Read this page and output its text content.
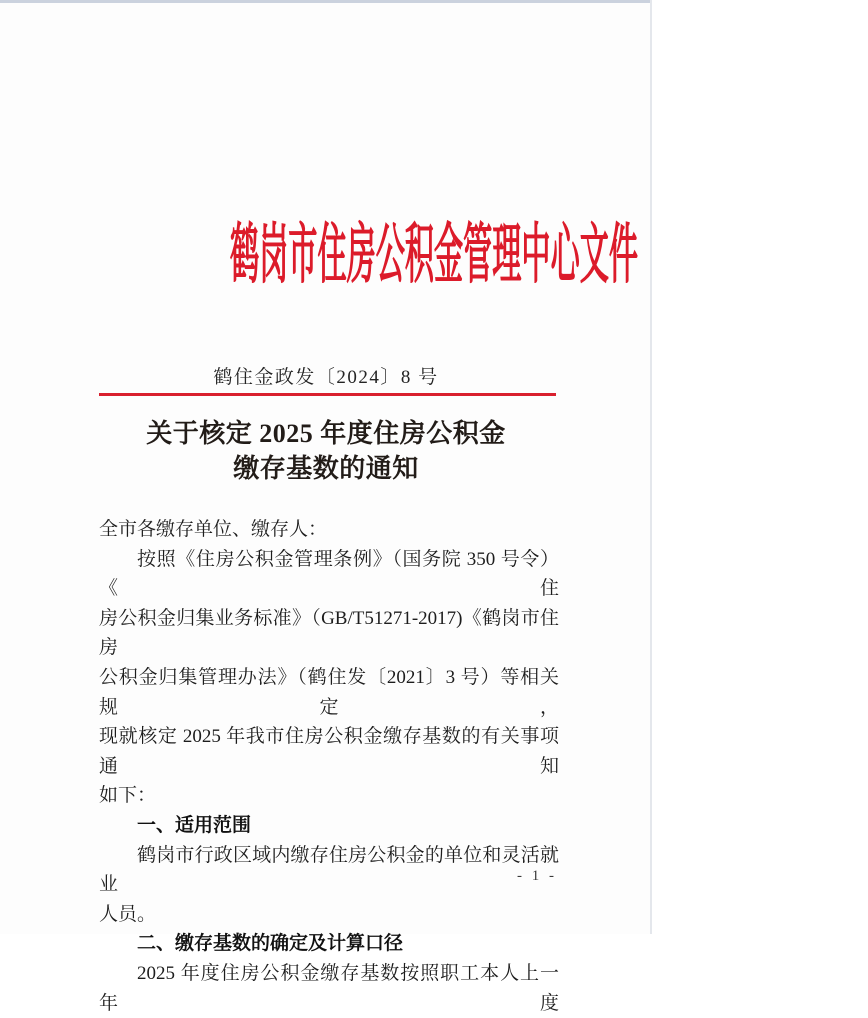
鹤岗市住房公积金管理中心文件
鹤住金政发〔2024〕8 号
关于核定 2025 年度住房公积金
缴存基数的通知
全市各缴存单位、缴存人：
按照《住房公积金管理条例》（国务院 350 号令）《住
房公积金归集业务标准》（GB/T51271-2017)《鹤岗市住房
公积金归集管理办法》（鹤住发〔2021〕3 号）等相关规定，
现就核定 2025 年我市住房公积金缴存基数的有关事项通知
如下：
一、适用范围
鹤岗市行政区域内缴存住房公积金的单位和灵活就业
人员。
二、缴存基数的确定及计算口径
2025 年度住房公积金缴存基数按照职工本人上一年度
- 1 -
